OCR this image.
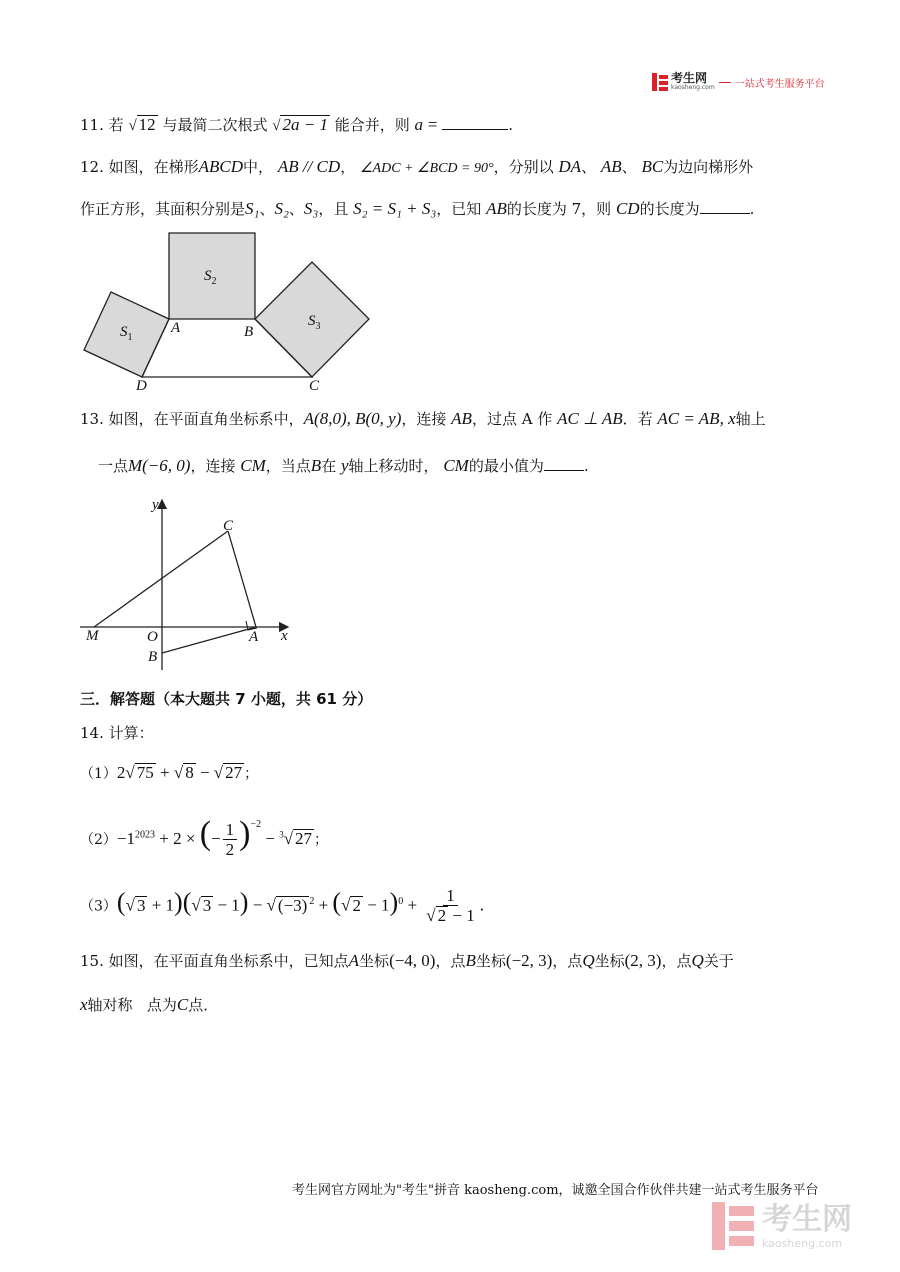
考生网
kaosheng.com 一站式考生服务平台
11. 若 √ 12 与最简二次根式 √ 2a − 1 能合并，则 a =	.
12. 如图，在梯形ABCD中， AB // CD， ∠ADC + ∠BCD = 90°，分别以 DA、 AB、 BC为边向梯形外
作正方形，其面积分别是S₁、S₂、S₃，且 S₂ = S₁ + S₃，已知 AB的长度为 7，则 CD的长度为	.
$S_2$
$S_1$
$S_3$
A	B
D	C
13. 如图，在平面直角坐标系中，A(8,0), B(0, y)，连接 AB，过点 A 作 AC ⊥ AB．若 AC = AB, x轴上
一点M(−6, 0)，连接 CM，当点B在 y轴上移动时， CM的最小值为	.
y
x
C
M	O	A
B
三．解答题（本大题共 7 小题，共 61 分）
14. 计算：
（1）2√ 75 + √ 8 − √ 27 ；
$(2)-1^{2023} + 2$ × (− $\frac{1}{2} )^{-2} - ^3√$ 27 ；
（3）(√ 3 + 1)(√ 3 − 1) − √ (−3) $^2$ + (√ $2 - 1)^0 + \frac{1}{√ 2 - 1}$ .
15. 如图，在平面直角坐标系中，已知点A坐标(−4, 0)，点B坐标(−2, 3)，点Q坐标(2, 3)，点Q关于
x轴对称 点为C点．
考生网官方网址为"考生"拼音 kaosheng.com，诚邀全国合作伙伴共建一站式考生服务平台
考生网
kaosheng.com
